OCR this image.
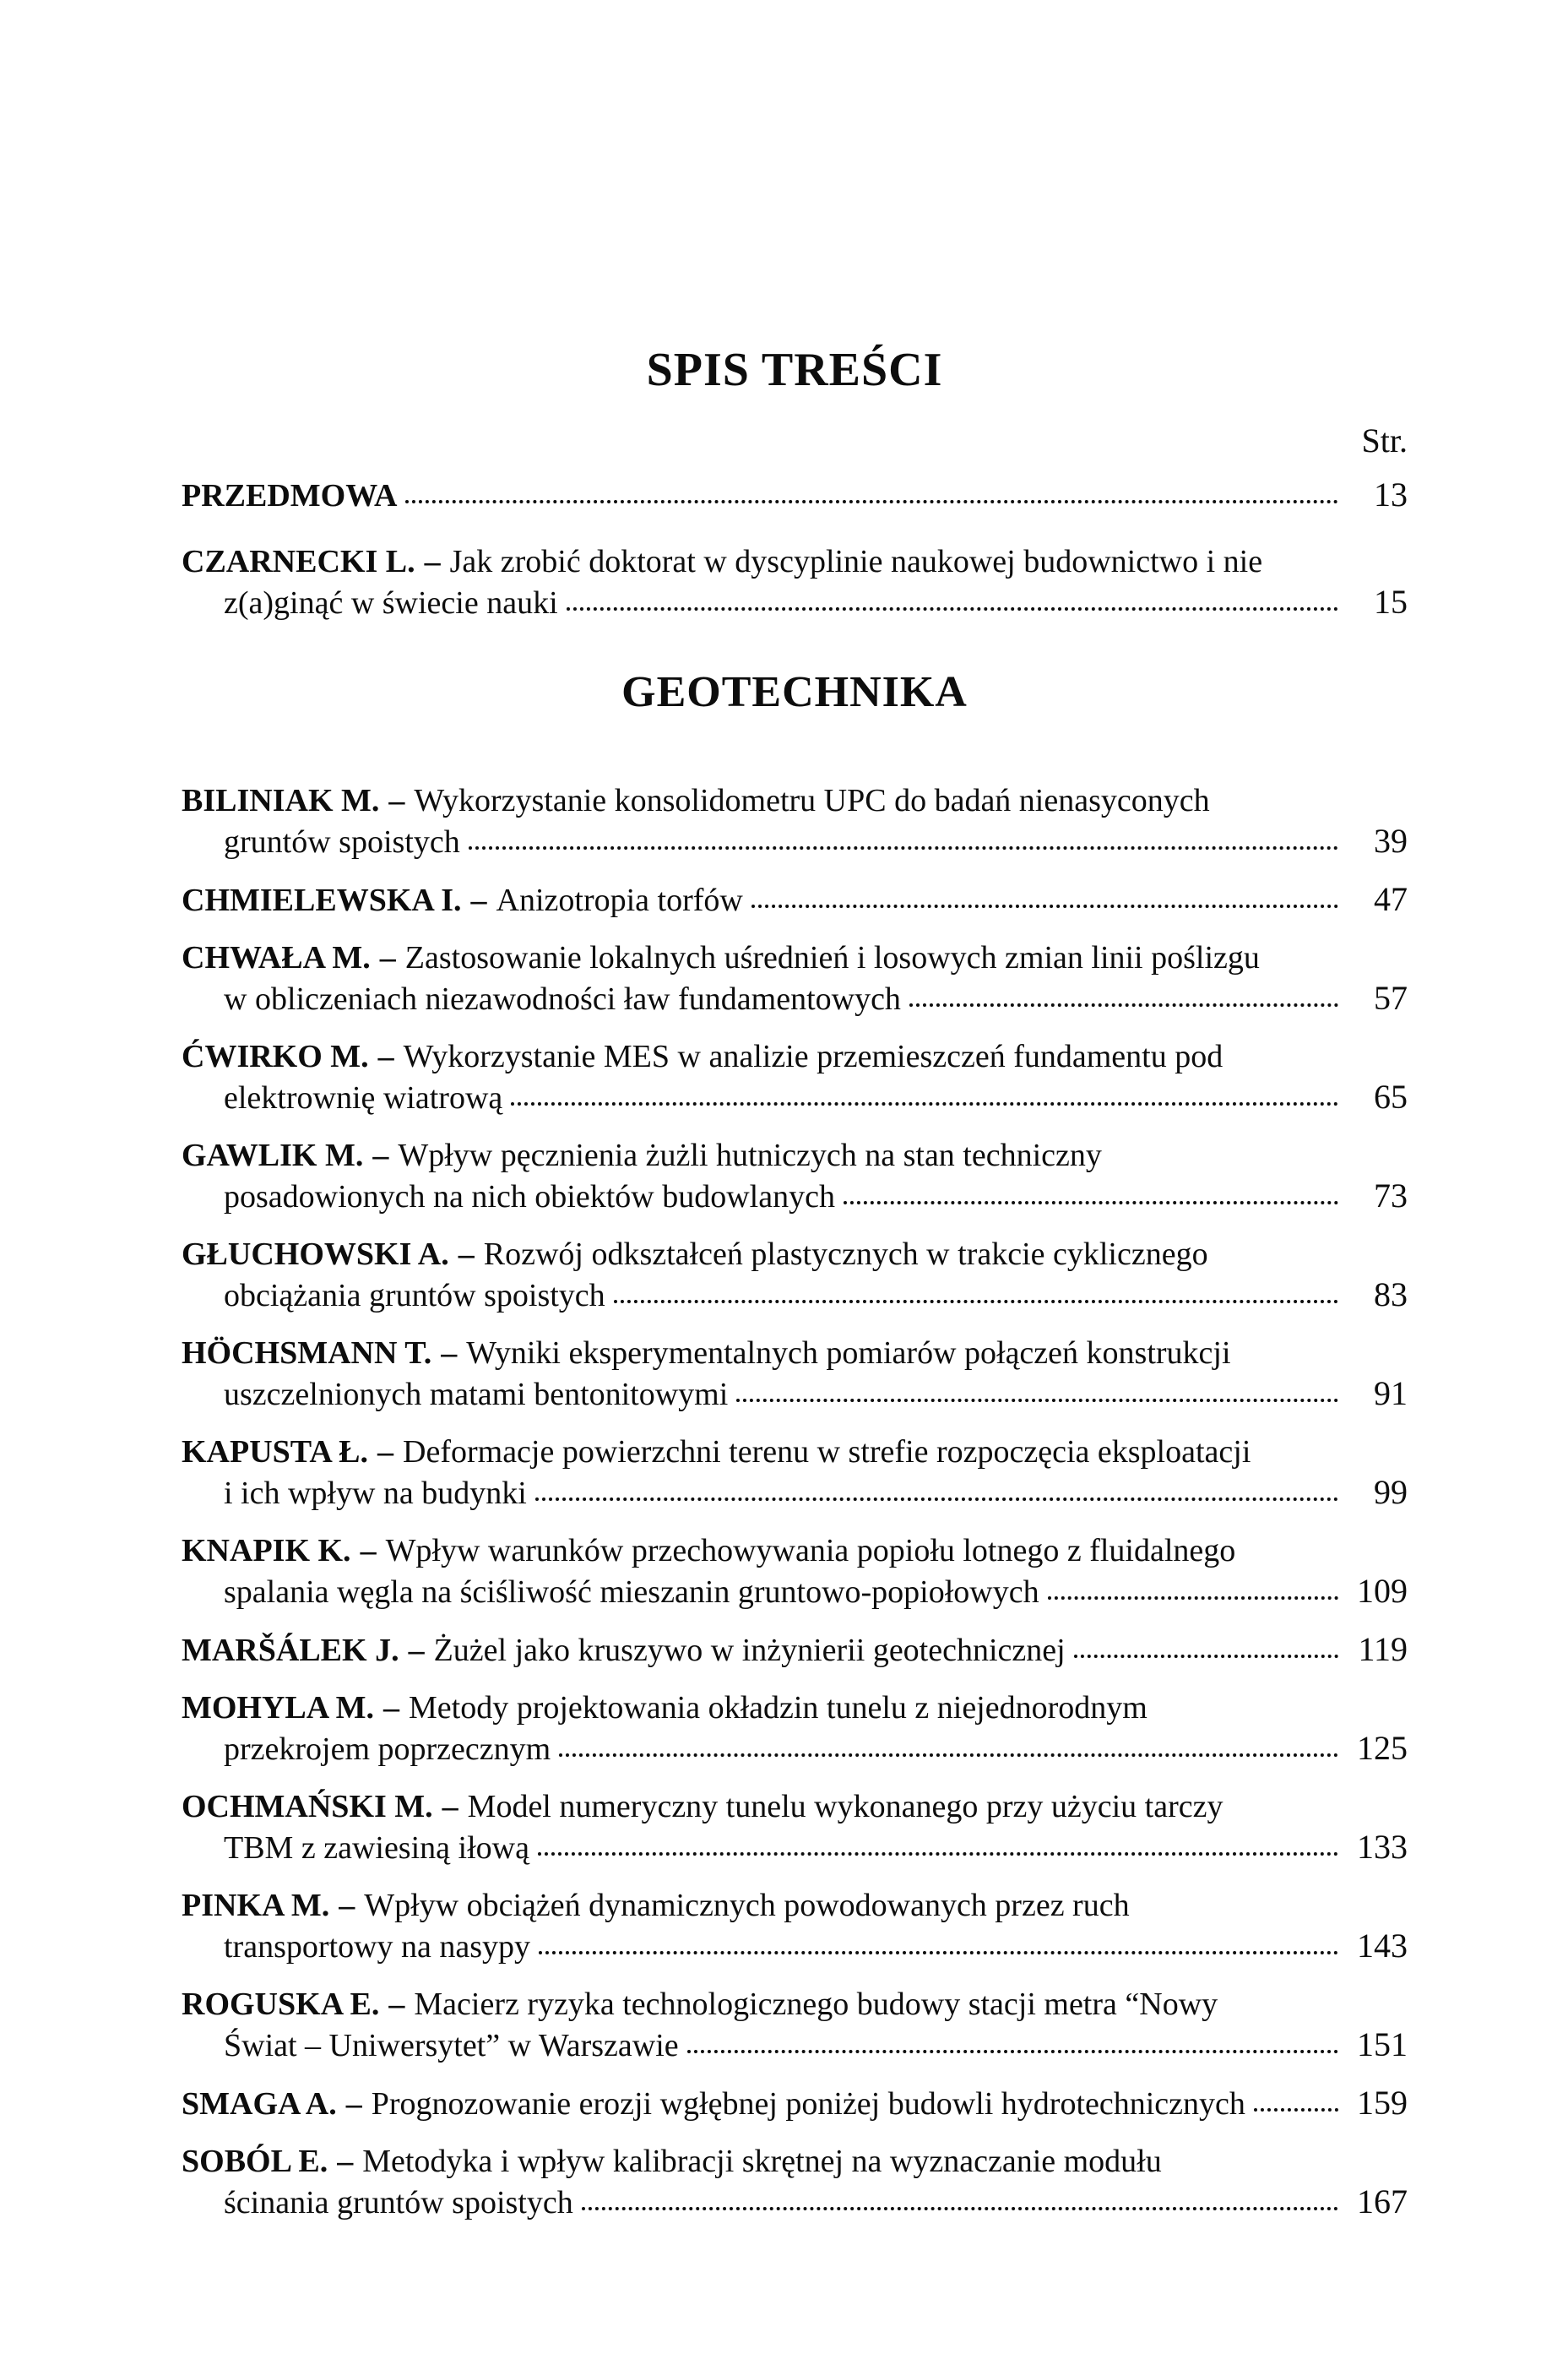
SPIS TREŚCI
Str.
PRZEDMOWA	13
CZARNECKI L. – Jak zrobić doktorat w dyscyplinie naukowej budownictwo i nie
z(a)ginąć w świecie nauki	15
GEOTECHNIKA
BILINIAK M. – Wykorzystanie konsolidometru UPC do badań nienasyconych
gruntów spoistych	39
CHMIELEWSKA I. – Anizotropia torfów	47
CHWAŁA M. – Zastosowanie lokalnych uśrednień i losowych zmian linii poślizgu
w obliczeniach niezawodności ław fundamentowych	57
ĆWIRKO M. – Wykorzystanie MES w analizie przemieszczeń fundamentu pod
elektrownię wiatrową	65
GAWLIK M. – Wpływ pęcznienia żużli hutniczych na stan techniczny
posadowionych na nich obiektów budowlanych	73
GŁUCHOWSKI A. – Rozwój odkształceń plastycznych w trakcie cyklicznego
obciążania gruntów spoistych	83
HÖCHSMANN T. – Wyniki eksperymentalnych pomiarów połączeń konstrukcji
uszczelnionych matami bentonitowymi	91
KAPUSTA Ł. – Deformacje powierzchni terenu w strefie rozpoczęcia eksploatacji
i ich wpływ na budynki	99
KNAPIK K. – Wpływ warunków przechowywania popiołu lotnego z fluidalnego
spalania węgla na ściśliwość mieszanin gruntowo-popiołowych	109
MARŠÁLEK J. – Żużel jako kruszywo w inżynierii geotechnicznej	119
MOHYLA M. – Metody projektowania okładzin tunelu z niejednorodnym
przekrojem poprzecznym	125
OCHMAŃSKI M. – Model numeryczny tunelu wykonanego przy użyciu tarczy
TBM z zawiesiną iłową	133
PINKA M. – Wpływ obciążeń dynamicznych powodowanych przez ruch
transportowy na nasypy	143
ROGUSKA E. – Macierz ryzyka technologicznego budowy stacji metra “Nowy
Świat – Uniwersytet” w Warszawie	151
SMAGA A. – Prognozowanie erozji wgłębnej poniżej budowli hydrotechnicznych	159
SOBÓL E. – Metodyka i wpływ kalibracji skrętnej na wyznaczanie modułu
ścinania gruntów spoistych	167
